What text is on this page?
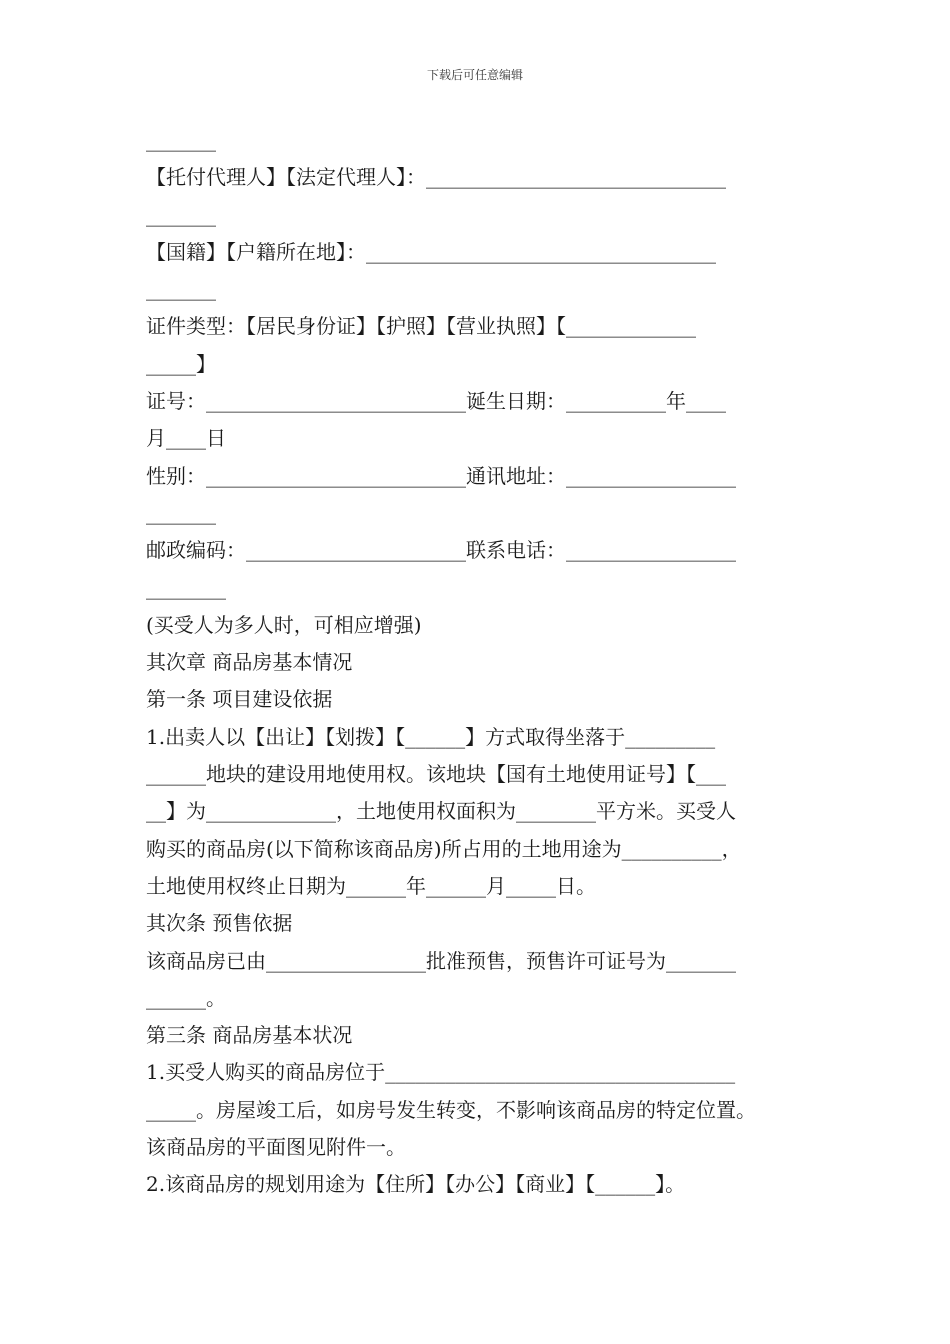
下载后可任意编辑
_______
【托付代理人】【法定代理人】：______________________________
_______
【国籍】【户籍所在地】：___________________________________
_______
证件类型：【居民身份证】【护照】【营业执照】【_____________
_____】
证号：__________________________诞生日期：__________年____
月____日
性别：__________________________通讯地址：_________________
_______
邮政编码：______________________联系电话：_________________
________
(买受人为多人时，可相应增强)
其次章 商品房基本情况
第一条 项目建设依据
1.出卖人以【出让】【划拨】【______】方式取得坐落于_________
______地块的建设用地使用权。该地块【国有土地使用证号】【___
__】为_____________，土地使用权面积为________平方米。买受人
购买的商品房(以下简称该商品房)所占用的土地用途为__________，
土地使用权终止日期为______年______月_____日。
其次条 预售依据
该商品房已由________________批准预售，预售许可证号为_______
______。
第三条 商品房基本状况
1.买受人购买的商品房位于___________________________________
_____。房屋竣工后，如房号发生转变，不影响该商品房的特定位置。
该商品房的平面图见附件一。
2.该商品房的规划用途为【住所】【办公】【商业】【______】。
